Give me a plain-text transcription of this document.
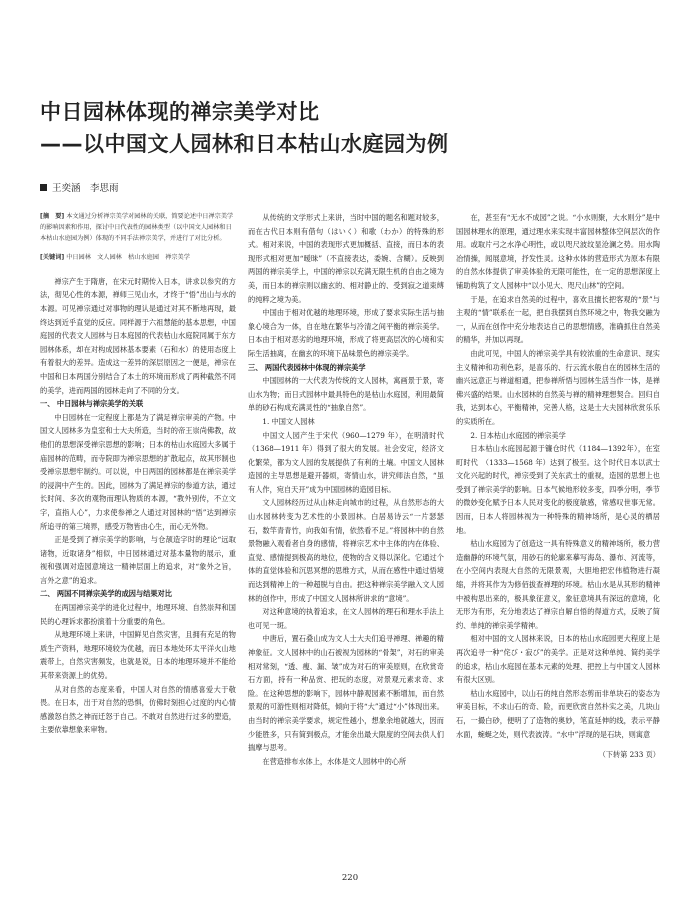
中日园林体现的禅宗美学对比
——以中国文人园林和日本枯山水庭园为例
王奕涵　李思雨

[摘　要] 本文通过分析禅宗美学对园林的关联，简要论述中日禅宗美学的影响因素和作用，探讨中日代表性的园林类型（以中国文人园林和日本枯山水庭园为例）体现的不同手法禅宗美学，并进行了对比分析。

[关键词] 中日园林　文人园林　枯山水庭园　禅宗美学

禅宗产生于隋唐，在宋元时期传入日本，讲求以参究的方法，彻见心性的本源，禅师三见山水，才终于“悟”出山与水的本源。可见禅宗通过对事物的理认是通过对其不断地再现，最终达到近乎直觉的反应。同样源于六祖慧能的基本思想，中国庭园的代表文人园林与日本庭园的代表枯山水庭院同属于东方园林体系，却在对构成园林基本要素（石和水）的使用态度上有着很大的差异。造成这一差异的深层原因之一便是，禅宗在中国和日本两国分别结合了本土的环境而形成了两种截然不同的美学，进而两国的园林走向了不同的分支。

一、 中日园林与禅宗美学的关联

中日园林在一定程度上都是为了满足禅宗审美的产物。中国文人园林多为皇室和士大夫所造，当时的帝王崇尚佛教，故他们的思想深受禅宗思想的影响；日本的枯山水庭园大多属于庙园林的范畴，而寺院即为禅宗思想的扩散起点，故其形制也受禅宗思想牢制约。可以说，中日两国的园林都是在禅宗美学的浸润中产生的。因此，园林为了满足禅宗的参道方法，通过长时间、多次的观物而理认物质的本源，“教外别传，不立文字，直指人心”，力求使参禅之人通过对园林的“悟”达到禅宗所追寻的第三境界，感受万物皆由心生，而心无外物。

正是受到了禅宗美学的影响，与仓颉造字时的理论“远取诸物，近取诸身”相似，中日园林通过对基本量物的展示，重视和强调对造园意境这一精神层面上的追求，对“象外之旨，言外之意”的追求。

二、 两国不同禅宗美学的成因与结果对比

在两国禅宗美学的进化过程中，地理环境、自然崇拜和国民的心理诉求都扮演着十分重要的角色。

从地理环境上来讲，中国鲜见自然灾害，且拥有充足的物质生产资料，地理环境较为优越，而日本地处环太平洋火山地震带上，自然灾害频发，也就是说，日本的地理环境并不能给其带来资源上的优势。

从对自然的态度来看，中国人对自然的情感喜爱大于敬畏。在日本，出于对自然的恐惧，仿佛时刻担心过度的内心情感激怒自然之神而迁怒于自己。不敢对自然进行过多的塑造，主要依靠想象来审物。

从传统的文学形式上来讲，当时中国的题名和题对较多，而在古代日本则有借句（はいく）和歌（わか）的特殊的形式。相对来说，中国的表现形式更加概括、直接，而日本的表现形式相对更加“暧昧”（不直接表达，委婉、含糊）。反映到两国的禅宗美学上，中国的禅宗以充满无限生机的自由之境为美，而日本的禅宗则以幽玄的、相对静止的、受到寂之道束缚的纯粹之境为美。

中国由于相对优越的地理环境，形成了要求实际生活与抽象心境合为一体，自在地在繁华与冷清之间平衡的禅宗美学。日本由于相对恶劣的地理环境，形成了将更高层次的心境和实际生活抽离，在幽玄的环境下品味景色的禅宗美学。

三、 两国代表园林中体现的禅宗美学

中国园林的一大代表为传统的文人园林，寓画景于景，寄山水为物；而日式园林中最具特色的是枯山水庭园，利用最简单的砂石构成充满灵性的“抽象自然”。

1. 中国文人园林

中国文人园产生于宋代（960—1279 年），在明清时代（1368—1911 年）得到了很大的发展。社会安定，经济文化繁荣，都为文人园的发展提供了有利的土壤。中国文人园林造园的主导思想是避开器烦，寄情山水，讲究师法自然，“虽有人作，宛自天开”成为中国园林的造园目标。

文人园林经历过从山林走向城市的过程，从自然形态的大山水园林转变为艺术性的小景园林。白居易诗云“一片瑟瑟石，数竿青青竹，向我如有情，依然看不足。”将园林中的自然景物融入观看者自身的感情，将禅宗艺术中主体的内在体验、直觉、感情提到极高的地位，使物的含义得以深化。它通过个体的直觉体验和沉思冥想的思维方式，从而在感性中通过悟境而达到精神上的一种超脱与自由。把这种禅宗美学融入文人园林的创作中，形成了中国文人园林所讲求的“意境”。

对这种意境的执着追求，在文人园林的理石和理水手法上也可见一斑。

中唐后，置石叠山成为文人士大夫们追寻禅理、禅趣的精神象征。文人园林中的山石被视为园林的“骨架”，对石的审美相对常刻，“透、瘦、漏、皱”成为对石的审美原则，在欣赏奇石方面，持有一种品赏、把玩的态度，对景观元素求奇、求险。在这种思想的影响下，园林中静观园素不断增加，而自然景观的可游性则相对降低，倾向于将“大”通过“小”体现出来。由当时的禅宗美学要求，规定性越小，想象余地就越大，因而少能胜多，只有简到极点，才能余出最大限度的空间去供人们揣摩与思考。

在营造排布水体上，水体是文人园林中的心所

在，甚至有“无水不成园”之说。“小水则聚，大水则分”是中国园林理水的原理，通过理水来实现丰富园林整体空间层次的作用。或取片弓之水净心明性，或以咫尺波纹显沧澜之势。用水陶冶情操，闻展意境，抒发性灵。这种水体的营造形式为原本有限的自然水体提供了审美体验的无限可能性，在一定的思想深度上铺助构筑了文人园林中“以小见大、咫尺山林”的空间。

于是，在追求自然美的过程中，喜欢且擅长把客观的“景”与主观的“情”联系在一起，把自我摆到自然环境之中，物我交融为一，从而在创作中充分地表达自己的思想情感，准确抓住自然美的精华，并加以再现。

由此可见，中国人的禅宗美学具有较浓重的生命意识、现实主义精神和功利色彩，是喜乐的、行云流水般自在的园林生活的幽兴远意正与禅道相通，把参禅所悟与园林生活当作一体，是禅佛兴盛的结果。山水园林的自然美与禅的精神理想契合。回归自我，达到本心，平衡精神，完善人格，这是士大夫园林欣赏乐乐的实质所在。

2. 日本枯山水庭园的禅宗美学

日本枯山水庭园起源于镰仓时代（1184—1392年），在室町时代　（1333—1568 年）达到了极至。这个时代日本以武士文化兴起的时代，禅宗受到了关东武士的重视，造园的思想上也受到了禅宗美学的影响。日本气候地形较多变，四季分明，季节的微妙变化赋予日本人民对变化的极度敏感，常感叹世事无常。因而，日本人将园林视为一种特殊的精神场所，是心灵的栖居地。

枯山水庭园为了创造这一具有特殊意义的精神场所，极力营造幽静的环境气氛，用砂石的轮廓来摹写海岛、瀑布、河流等，在小空间内表现大自然的无限景观，大胆地把宏伟植物进行凝缩，并将其作为为修佰拔查禅理的环境。枯山水是从其形的精神中被构思出来的，极具象征意义，象征意境具有深远的意境，化无形为有形，充分地表达了禅宗自解自悟的得道方式，反映了简约、单纯的禅宗美学精神。

相对中国的文人园林来说，日本的枯山水庭园更大程度上是再次追寻一种“侘び・寂び”的美学。正是对这种单纯、简约美学的追求，枯山水庭园在基本元素的处理、把控上与中国文人园林有很大区别。

枯山水庭园中，以山石的纯自然形态剪而非单块石的姿态为审美目标，不求山石的奇、险，而更欣赏自然朴实之美，几块山石，一撮白砂，便明了了造物的奥妙，笔直延伸的线，表示平静水面，蜿蜒之处，则代表波涛。“水中”浮现的是石块，则寓意

（下转第 233 页）

220
